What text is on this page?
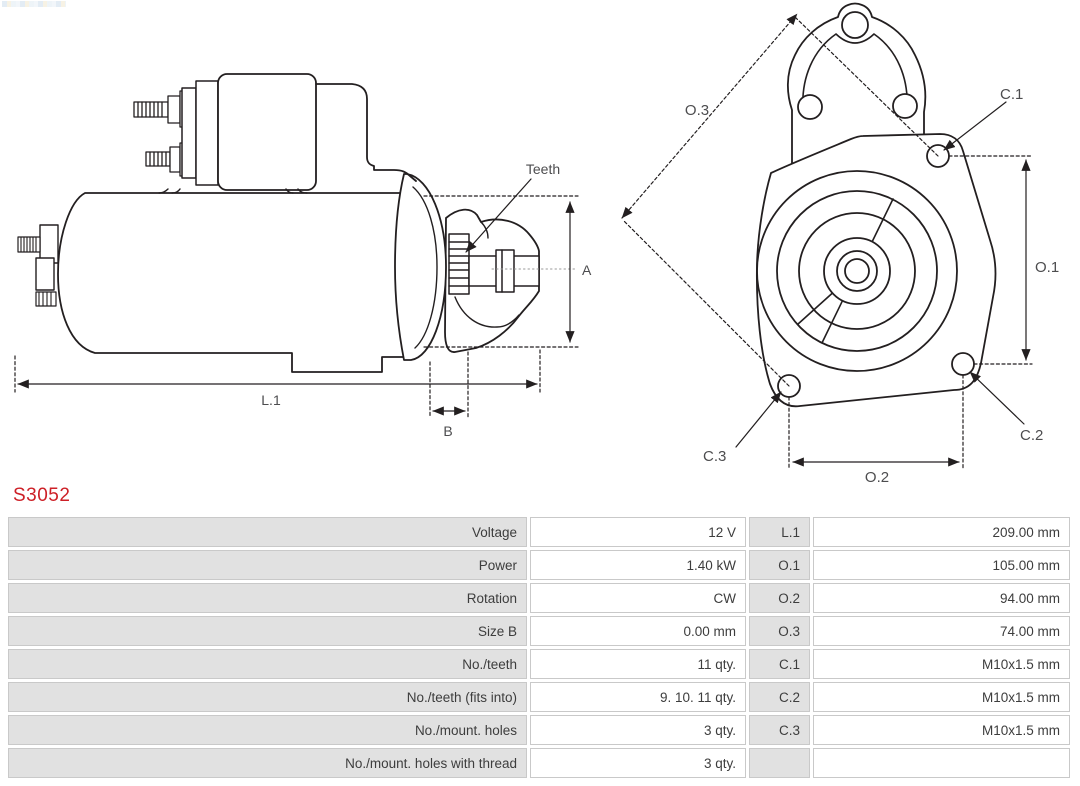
Teeth
A
L.1
B
O.3
C.1
O.1
C.2
C.3
O.2
S3052
Voltage	12 V	L.1	209.00 mm
Power	1.40 kW	O.1	105.00 mm
Rotation	CW	O.2	94.00 mm
Size B	0.00 mm	O.3	74.00 mm
No./teeth	11 qty.	C.1	M10x1.5 mm
No./teeth (fits into)	9. 10. 11 qty.	C.2	M10x1.5 mm
No./mount. holes	3 qty.	C.3	M10x1.5 mm
No./mount. holes with thread	3 qty.
